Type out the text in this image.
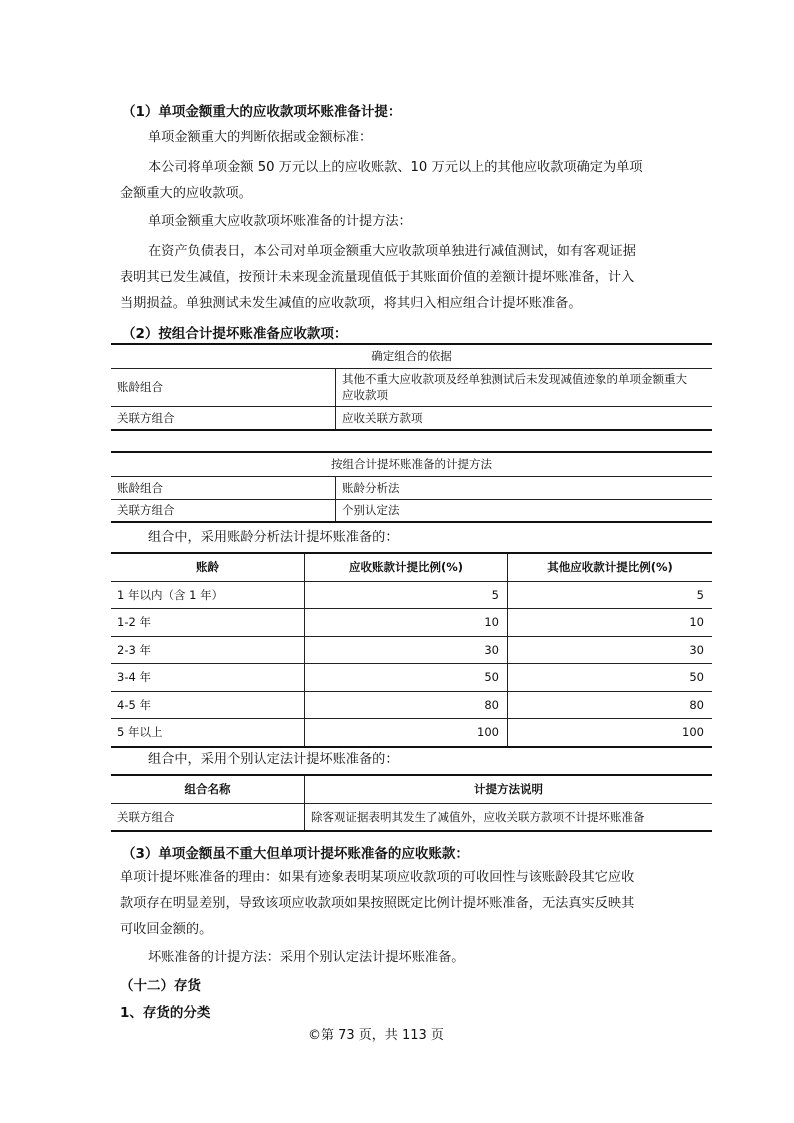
（1）单项金额重大的应收款项坏账准备计提：
单项金额重大的判断依据或金额标准：
本公司将单项金额 50 万元以上的应收账款、10 万元以上的其他应收款项确定为单项
金额重大的应收款项。
单项金额重大应收款项坏账准备的计提方法：
在资产负债表日，本公司对单项金额重大应收款项单独进行减值测试，如有客观证据
表明其已发生减值，按预计未来现金流量现值低于其账面价值的差额计提坏账准备，计入
当期损益。单独测试未发生减值的应收款项，将其归入相应组合计提坏账准备。
（2）按组合计提坏账准备应收款项：
确定组合的依据	
账龄组合	其他不重大应收款项及经单独测试后未发现减值迹象的单项金额重大
应收款项

关联方组合	应收关联方款项
按组合计提坏账准备的计提方法	
账龄组合	账龄分析法
关联方组合	个别认定法
组合中，采用账龄分析法计提坏账准备的：
账龄	应收账款计提比例(%)	其他应收款计提比例(%)
1 年以内（含 1 年）	5	5
1-2 年	10	10
2-3 年	30	30
3-4 年	50	50
4-5 年	80	80
5 年以上	100	100
组合中，采用个别认定法计提坏账准备的：
组合名称	计提方法说明
关联方组合	除客观证据表明其发生了减值外，应收关联方款项不计提坏账准备
（3）单项金额虽不重大但单项计提坏账准备的应收账款：
单项计提坏账准备的理由：如果有迹象表明某项应收款项的可收回性与该账龄段其它应收
款项存在明显差别，导致该项应收款项如果按照既定比例计提坏账准备，无法真实反映其
可收回金额的。
坏账准备的计提方法：采用个别认定法计提坏账准备。
（十二）存货
1、存货的分类
©第 73 页，共 113 页
